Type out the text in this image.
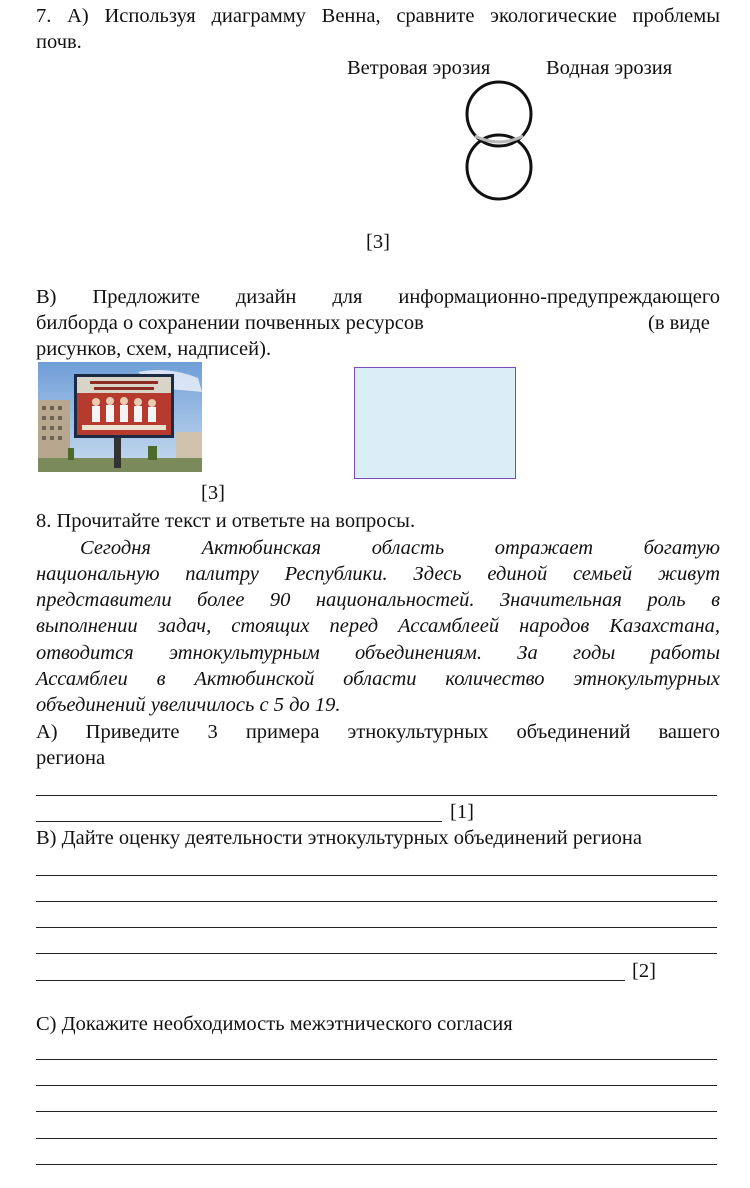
7. А) Используя диаграмму Венна, сравните экологические проблемы
почв.
Ветровая эрозия	Водная эрозия
[3]
В) Предложите дизайн для информационно-предупреждающего
билборда о сохранении почвенных ресурсов	(в виде
рисунков, схем, надписей).
[3]
8. Прочитайте текст и ответьте на вопросы.
Сегодня Актюбинская область отражает богатую
национальную палитру Республики. Здесь единой семьей живут
представители более 90 национальностей. Значительная роль в
выполнении задач, стоящих перед Ассамблеей народов Казахстана,
отводится этнокультурным объединениям. За годы работы
Ассамблеи в Актюбинской области количество этнокультурных
объединений увеличилось с 5 до 19.
А) Приведите 3 примера этнокультурных объединений вашего
региона
[1]
В) Дайте оценку деятельности этнокультурных объединений региона
[2]
С) Докажите необходимость межэтнического согласия
